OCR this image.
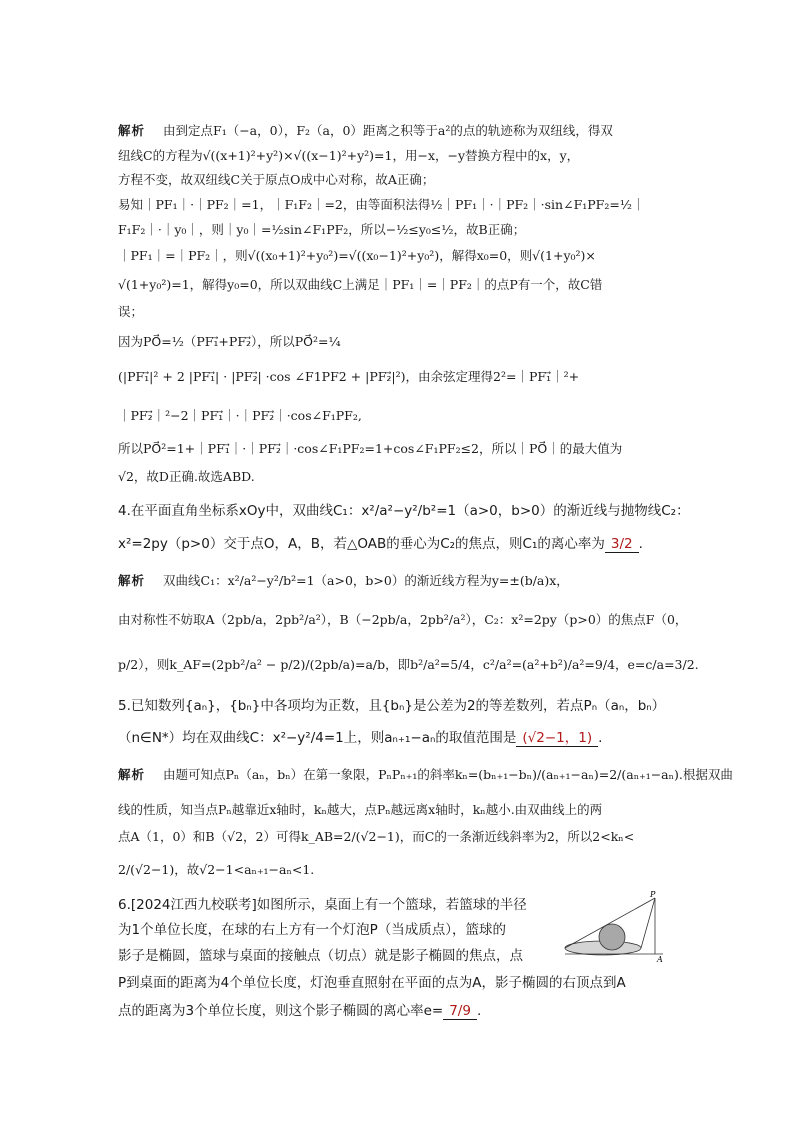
解析 由到定点F₁（−a，0），F₂（a，0）距离之积等于a²的点的轨迹称为双纽线，得双
纽线C的方程为√((x+1)²+y²)×√((x−1)²+y²)=1，用−x，−y替换方程中的x，y，
方程不变，故双纽线C关于原点O成中心对称，故A正确；
易知｜PF₁｜·｜PF₂｜=1，｜F₁F₂｜=2，由等面积法得½｜PF₁｜·｜PF₂｜·sin∠F₁PF₂=½｜
F₁F₂｜·｜y₀｜，则｜y₀｜=½sin∠F₁PF₂，所以−½≤y₀≤½，故B正确；
｜PF₁｜=｜PF₂｜，则√((x₀+1)²+y₀²)=√((x₀−1)²+y₀²)，解得x₀=0，则√(1+y₀²)×
√(1+y₀²)=1，解得y₀=0，所以双曲线C上满足｜PF₁｜=｜PF₂｜的点P有一个，故C错
误；
因为PO⃗=½（PF₁⃗+PF₂⃗），所以PO⃗²=¼
(|PF₁⃗|² + 2 |PF₁⃗| · |PF₂⃗| ·cos ∠F1PF2 + |PF₂⃗|²)，由余弦定理得2²=｜PF₁⃗｜²+
｜PF₂⃗｜²−2｜PF₁⃗｜·｜PF₂⃗｜·cos∠F₁PF₂,
所以PO⃗²=1+｜PF₁⃗｜·｜PF₂⃗｜·cos∠F₁PF₂=1+cos∠F₁PF₂≤2，所以｜PO⃗｜的最大值为
√2，故D正确.故选ABD.
4.在平面直角坐标系xOy中，双曲线C₁：x²/a²−y²/b²=1（a>0，b>0）的渐近线与抛物线C₂：
x²=2py（p>0）交于点O，A，B，若△OAB的垂心为C₂的焦点，则C₁的离心率为 3/2 .
解析 双曲线C₁：x²/a²−y²/b²=1（a>0，b>0）的渐近线方程为y=±(b/a)x，
由对称性不妨取A（2pb/a，2pb²/a²），B（−2pb/a，2pb²/a²），C₂：x²=2py（p>0）的焦点F（0，
p/2），则k_AF=(2pb²/a² − p/2)/(2pb/a)=a/b，即b²/a²=5/4，c²/a²=(a²+b²)/a²=9/4，e=c/a=3/2.
5.已知数列{aₙ}，{bₙ}中各项均为正数，且{bₙ}是公差为2的等差数列，若点Pₙ（aₙ，bₙ）
（n∈N*）均在双曲线C：x²−y²/4=1上，则aₙ₊₁−aₙ的取值范围是 (√2−1，1) .
解析 由题可知点Pₙ（aₙ，bₙ）在第一象限，PₙPₙ₊₁的斜率kₙ=(bₙ₊₁−bₙ)/(aₙ₊₁−aₙ)=2/(aₙ₊₁−aₙ).根据双曲
线的性质，知当点Pₙ越靠近x轴时，kₙ越大，点Pₙ越远离x轴时，kₙ越小.由双曲线上的两
点A（1，0）和B（√2，2）可得k_AB=2/(√2−1)，而C的一条渐近线斜率为2，所以2<kₙ<
2/(√2−1)，故√2−1<aₙ₊₁−aₙ<1.
6.[2024江西九校联考]如图所示，桌面上有一个篮球，若篮球的半径
为1个单位长度，在球的右上方有一个灯泡P（当成质点），篮球的
影子是椭圆，篮球与桌面的接触点（切点）就是影子椭圆的焦点，点
P到桌面的距离为4个单位长度，灯泡垂直照射在平面的点为A，影子椭圆的右顶点到A
点的距离为3个单位长度，则这个影子椭圆的离心率e= 7/9 .
P
A
